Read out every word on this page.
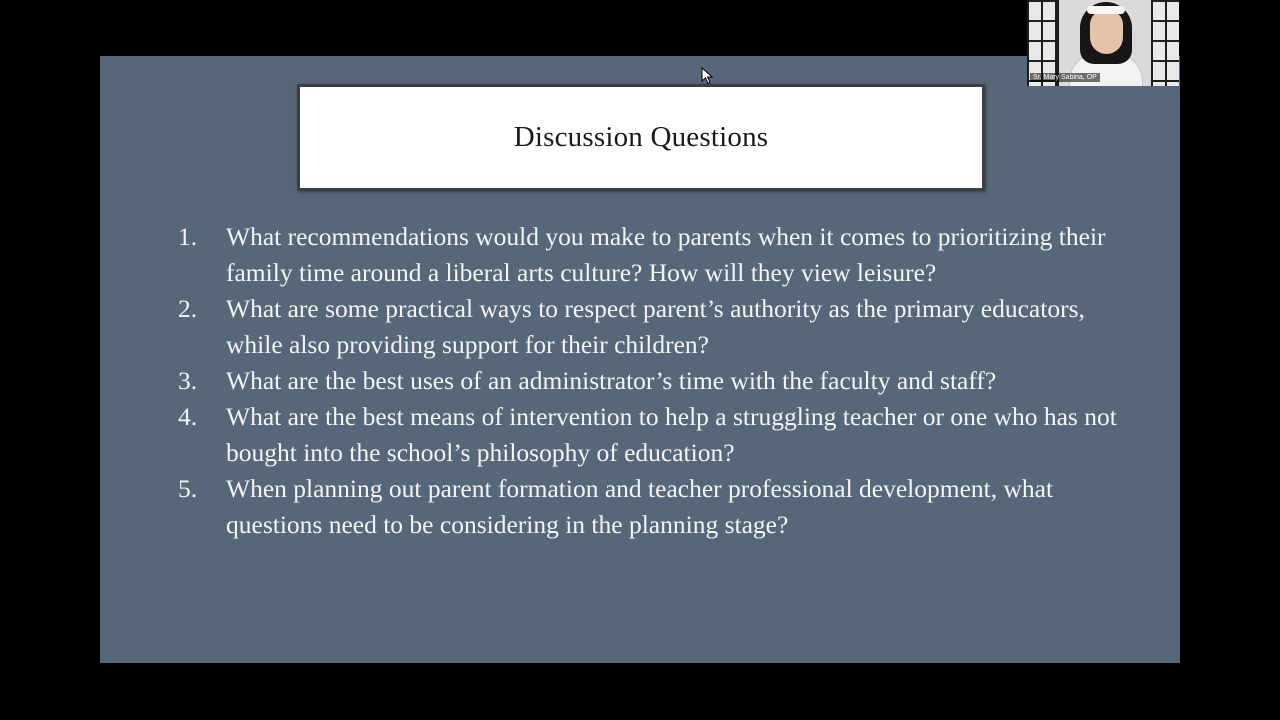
Discussion Questions
1.	What recommendations would you make to parents when it comes to prioritizing their family time around a liberal arts culture? How will they view leisure?
2.	What are some practical ways to respect parent’s authority as the primary educators, while also providing support for their children?
3.	What are the best uses of an administrator’s time with the faculty and staff?
4.	What are the best means of intervention to help a struggling teacher or one who has not bought into the school’s philosophy of education?
5.	When planning out parent formation and teacher professional development, what questions need to be considering in the planning stage?
Sr. Mary Sabina, OP
